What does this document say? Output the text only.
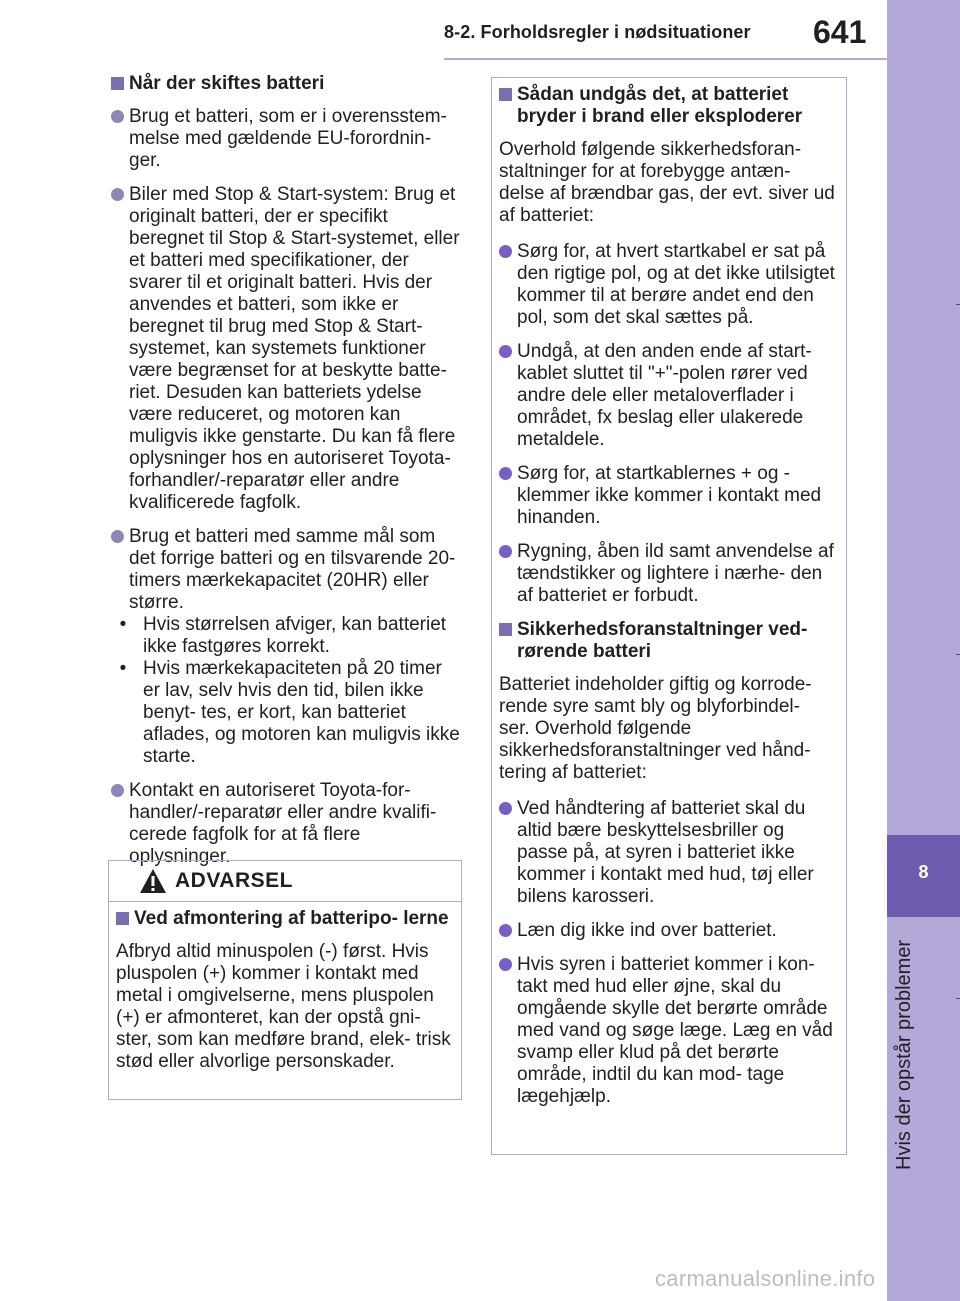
8-2. Forholdsregler i nødsituationer 641
8
Hvis der opstår problemer
Når der skiftes batteri
Brug et batteri, som er i overensstem- melse med gældende EU-forordnin- ger.
Biler med Stop & Start-system: Brug et originalt batteri, der er specifikt beregnet til Stop & Start-systemet, eller et batteri med specifikationer, der svarer til et originalt batteri. Hvis der anvendes et batteri, som ikke er beregnet til brug med Stop & Start- systemet, kan systemets funktioner være begrænset for at beskytte batte- riet. Desuden kan batteriets ydelse være reduceret, og motoren kan muligvis ikke genstarte. Du kan få flere oplysninger hos en autoriseret Toyota-forhandler/-reparatør eller andre kvalificerede fagfolk.
Brug et batteri med samme mål som det forrige batteri og en tilsvarende 20-timers mærkekapacitet (20HR) eller større.
• Hvis størrelsen afviger, kan batteriet ikke fastgøres korrekt.
• Hvis mærkekapaciteten på 20 timer er lav, selv hvis den tid, bilen ikke benyt- tes, er kort, kan batteriet aflades, og motoren kan muligvis ikke starte.
Kontakt en autoriseret Toyota-for- handler/-reparatør eller andre kvalifi- cerede fagfolk for at få flere oplysninger.
ADVARSEL
Ved afmontering af batteripo- lerne
Afbryd altid minuspolen (-) først. Hvis pluspolen (+) kommer i kontakt med metal i omgivelserne, mens pluspolen (+) er afmonteret, kan der opstå gni- ster, som kan medføre brand, elek- trisk stød eller alvorlige personskader.
Sådan undgås det, at batteriet bryder i brand eller eksploderer
Overhold følgende sikkerhedsforan- staltninger for at forebygge antæn- delse af brændbar gas, der evt. siver ud af batteriet:
Sørg for, at hvert startkabel er sat på den rigtige pol, og at det ikke utilsigtet kommer til at berøre andet end den pol, som det skal sættes på.
Undgå, at den anden ende af start- kablet sluttet til "+"-polen rører ved andre dele eller metaloverflader i området, fx beslag eller ulakerede metaldele.
Sørg for, at startkablernes + og - klemmer ikke kommer i kontakt med hinanden.
Rygning, åben ild samt anvendelse af tændstikker og lightere i nærhe- den af batteriet er forbudt.
Sikkerhedsforanstaltninger ved- rørende batteri
Batteriet indeholder giftig og korrode- rende syre samt bly og blyforbindel- ser. Overhold følgende sikkerhedsforanstaltninger ved hånd- tering af batteriet:
Ved håndtering af batteriet skal du altid bære beskyttelsesbriller og passe på, at syren i batteriet ikke kommer i kontakt med hud, tøj eller bilens karosseri.
Læn dig ikke ind over batteriet.
Hvis syren i batteriet kommer i kon- takt med hud eller øjne, skal du omgående skylle det berørte område med vand og søge læge. Læg en våd svamp eller klud på det berørte område, indtil du kan mod- tage lægehjælp.
carmanualsonline.info
